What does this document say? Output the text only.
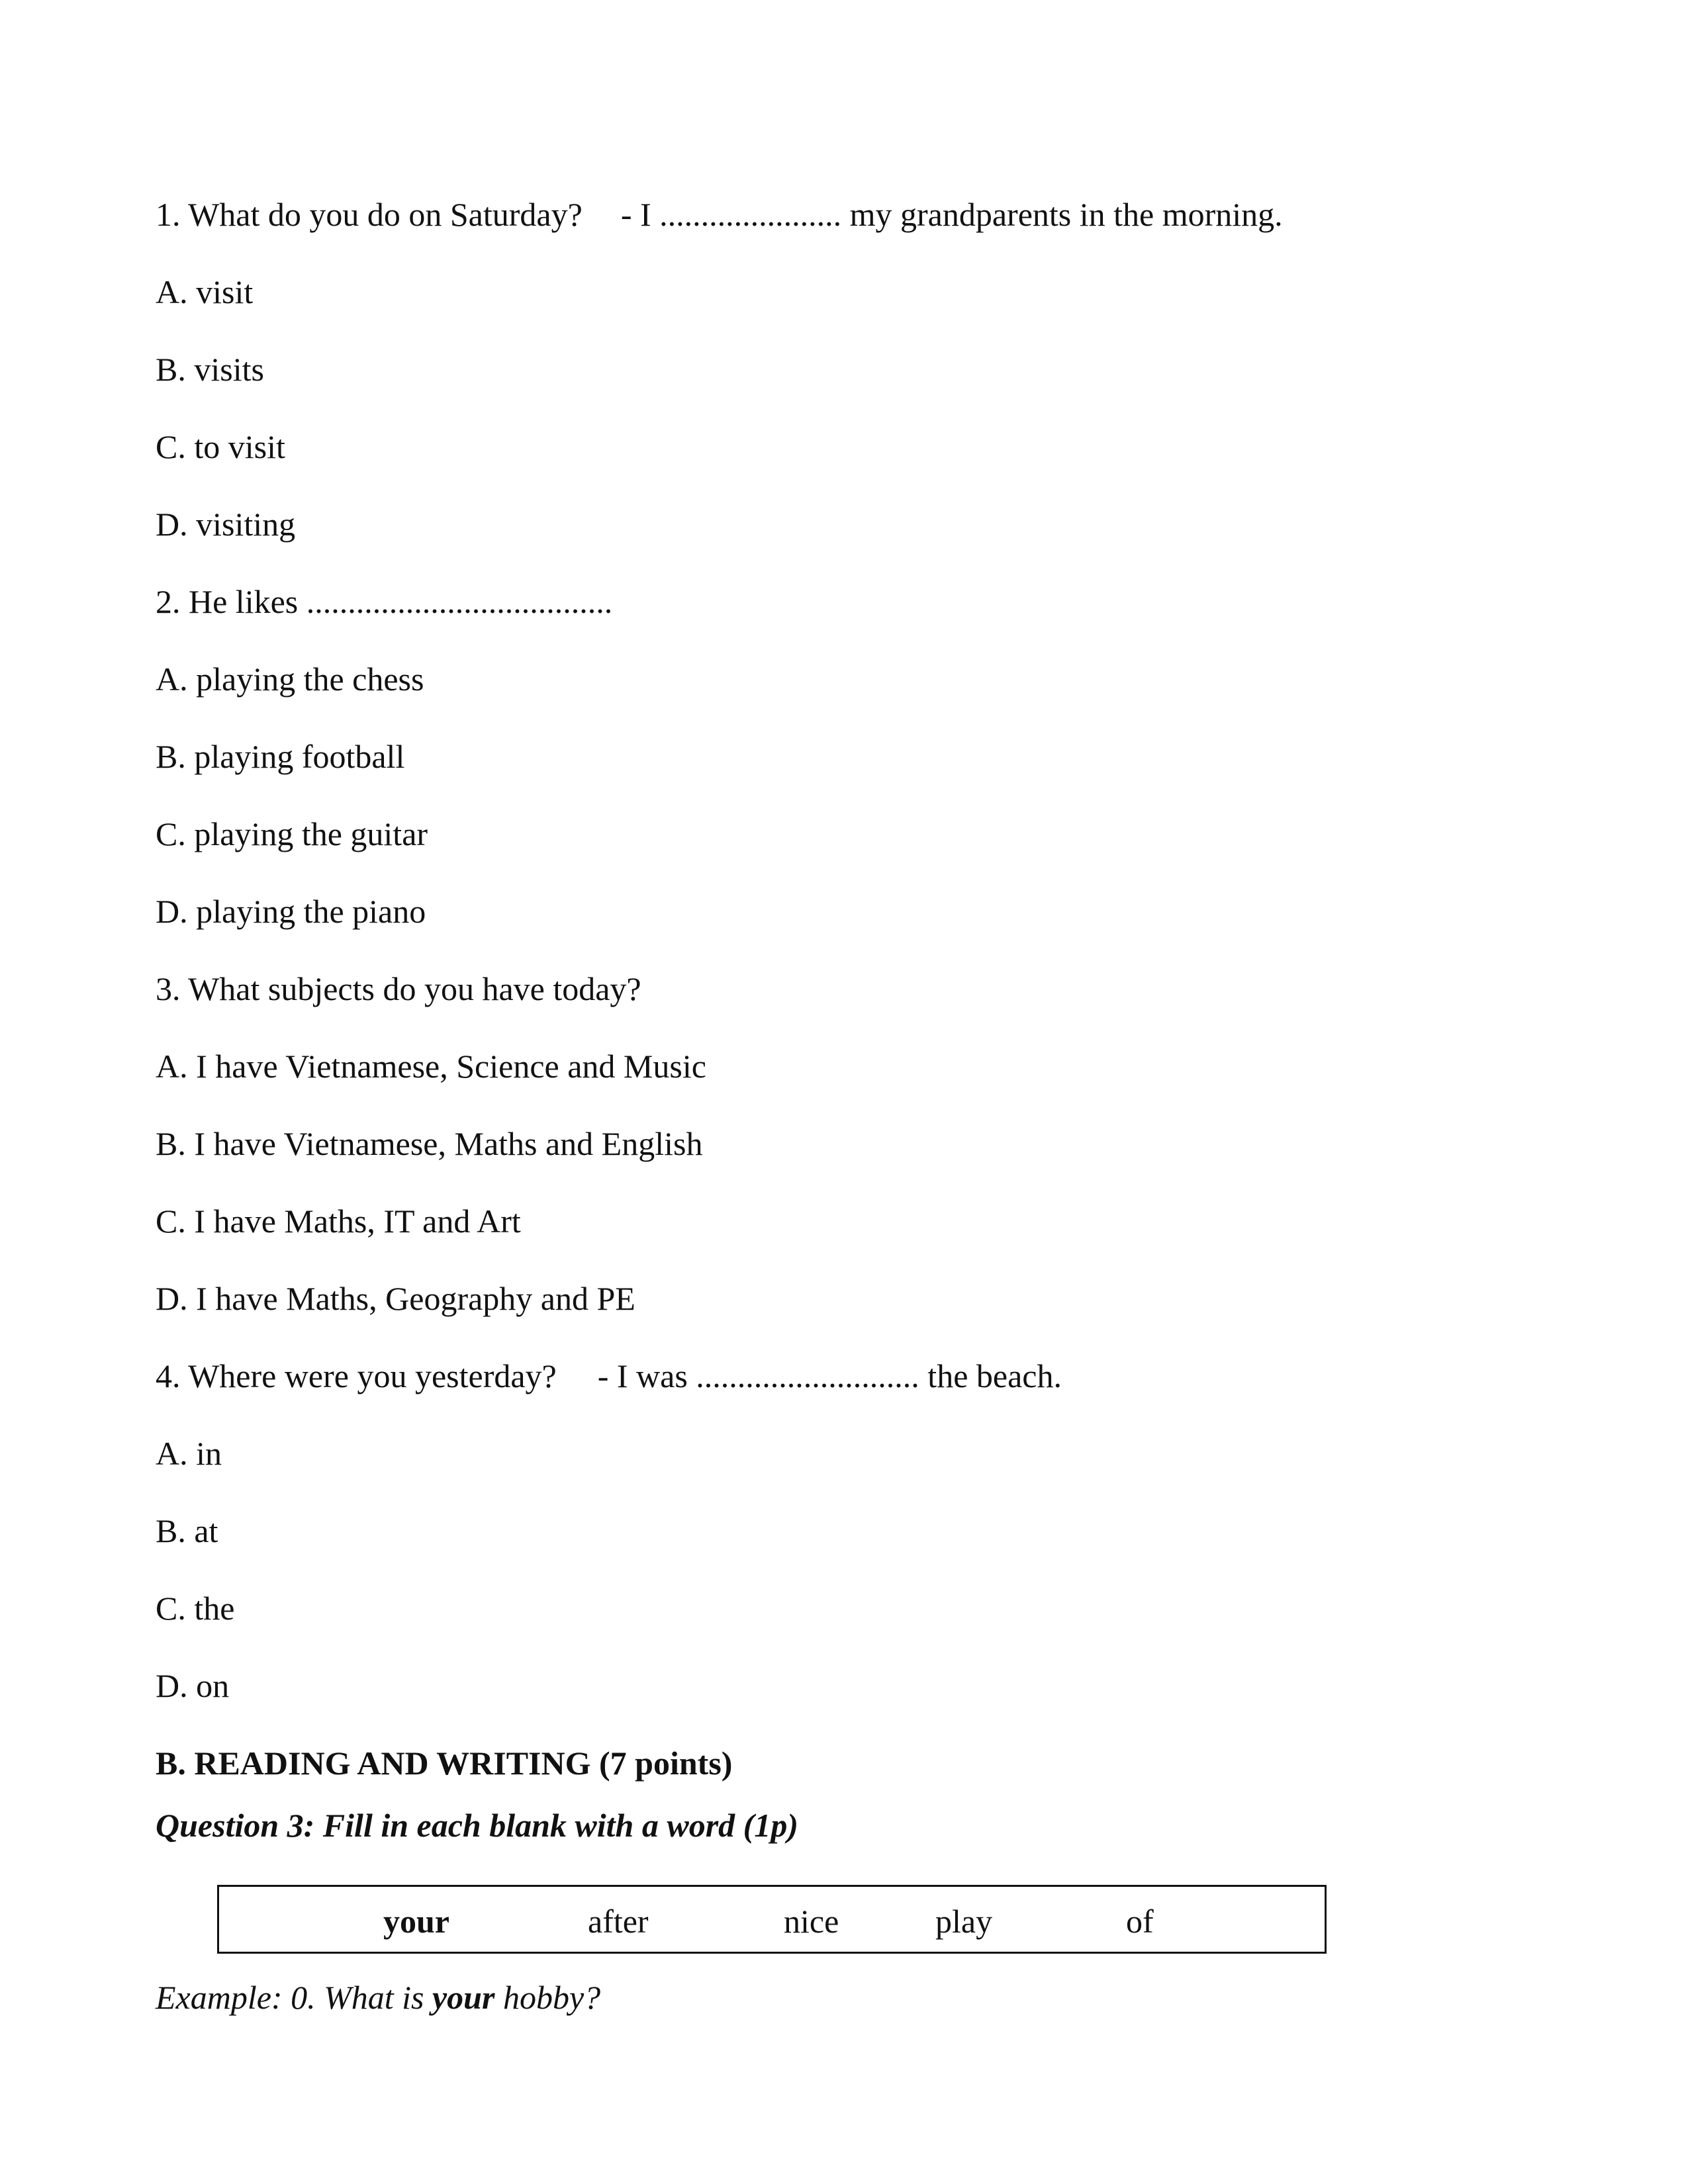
1. What do you do on Saturday? - I ...................... my grandparents in the morning.
A. visit
B. visits
C. to visit
D. visiting
2. He likes .....................................
A. playing the chess
B. playing football
C. playing the guitar
D. playing the piano
3. What subjects do you have today?
A. I have Vietnamese, Science and Music
B. I have Vietnamese, Maths and English
C. I have Maths, IT and Art
D. I have Maths, Geography and PE
4. Where were you yesterday? - I was ........................... the beach.
A. in
B. at
C. the
D. on
B. READING AND WRITING (7 points)
Question 3: Fill in each blank with a word (1p)
your	after	nice	play	of
Example: 0. What is your hobby?
